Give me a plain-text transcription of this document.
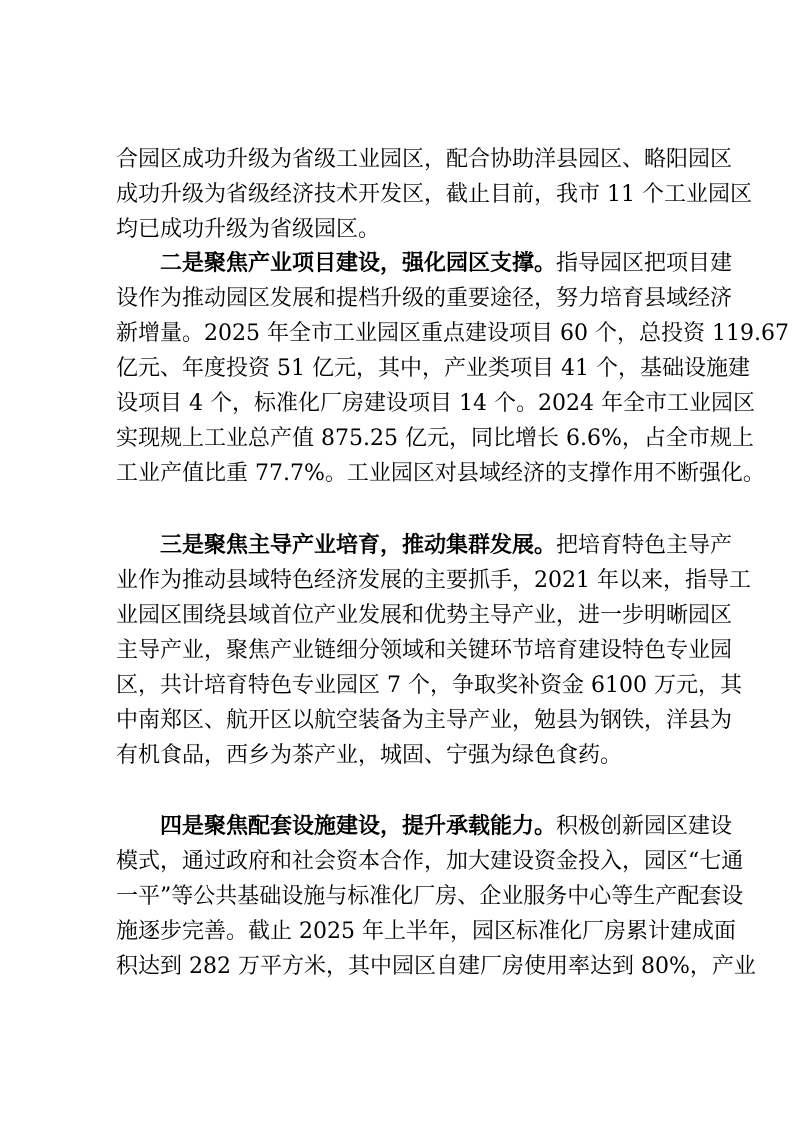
合园区成功升级为省级工业园区，配合协助洋县园区、略阳园区
成功升级为省级经济技术开发区，截止目前，我市 11 个工业园区
均已成功升级为省级园区。
二是聚焦产业项目建设，强化园区支撑。指导园区把项目建
设作为推动园区发展和提档升级的重要途径，努力培育县域经济
新增量。2025 年全市工业园区重点建设项目 60 个，总投资 119.67
亿元、年度投资 51 亿元，其中，产业类项目 41 个，基础设施建
设项目 4 个，标准化厂房建设项目 14 个。2024 年全市工业园区
实现规上工业总产值 875.25 亿元，同比增长 6.6%，占全市规上
工业产值比重 77.7%。工业园区对县域经济的支撑作用不断强化。
三是聚焦主导产业培育，推动集群发展。把培育特色主导产
业作为推动县域特色经济发展的主要抓手，2021 年以来，指导工
业园区围绕县域首位产业发展和优势主导产业，进一步明晰园区
主导产业，聚焦产业链细分领域和关键环节培育建设特色专业园
区，共计培育特色专业园区 7 个，争取奖补资金 6100 万元，其
中南郑区、航开区以航空装备为主导产业，勉县为钢铁，洋县为
有机食品，西乡为茶产业，城固、宁强为绿色食药。
四是聚焦配套设施建设，提升承载能力。积极创新园区建设
模式，通过政府和社会资本合作，加大建设资金投入，园区“七通
一平”等公共基础设施与标准化厂房、企业服务中心等生产配套设
施逐步完善。截止 2025 年上半年，园区标准化厂房累计建成面
积达到 282 万平方米，其中园区自建厂房使用率达到 80%，产业
